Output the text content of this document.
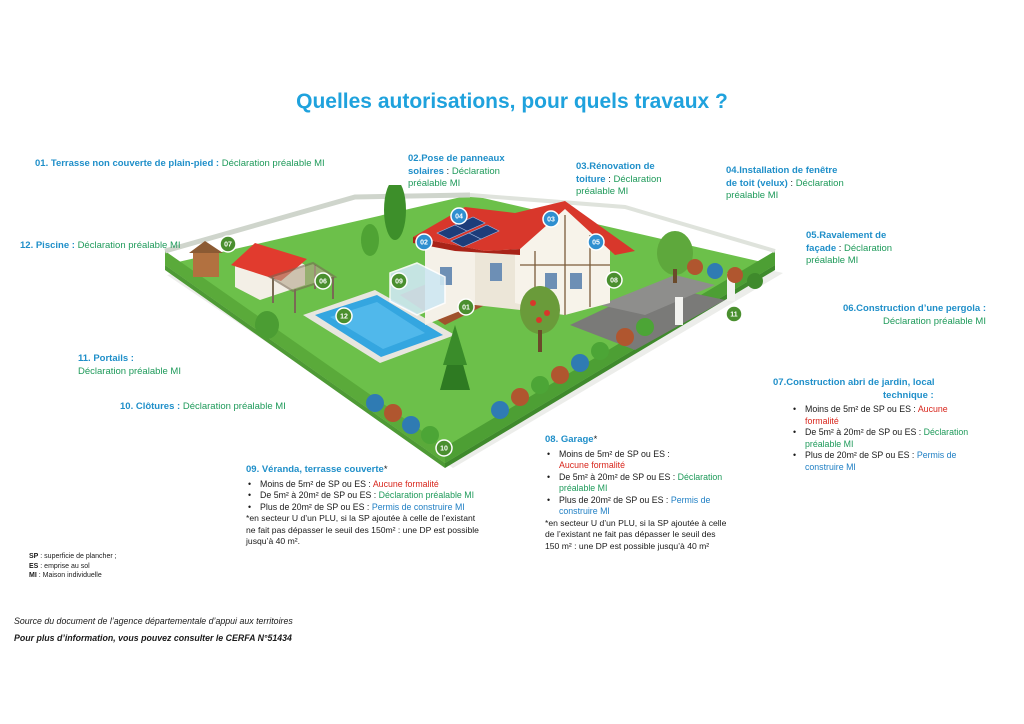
Quelles autorisations, pour quels travaux ?
01
02
03
04
05
06
07
08
09
10
11
12
01. Terrasse non couverte de plain-pied : Déclaration préalable MI	02.Pose de panneaux
solaires : Déclaration
préalable MI
03.Rénovation de
toiture : Déclaration
préalable MI
04.Installation de fenêtre
de toit (velux) : Déclaration
préalable MI
05.Ravalement de
façade : Déclaration
préalable MI
06.Construction d’une pergola :
Déclaration préalable MI
07.Construction abri de jardin, local
technique :
• Moins de 5m² de SP ou ES : Aucune
formalité
• De 5m² à 20m² de SP ou ES : Déclaration
préalable MI
• Plus de 20m² de SP ou ES : Permis de
construire MI
08. Garage*
• Moins de 5m² de SP ou ES :
Aucune formalité
• De 5m² à 20m² de SP ou ES : Déclaration
préalable MI
• Plus de 20m² de SP ou ES : Permis de
construire MI
*en secteur U d’un PLU, si la SP ajoutée à celle
de l’existant ne fait pas dépasser le seuil des
150 m² : une DP est possible jusqu’à 40 m²
09. Véranda, terrasse couverte*
• Moins de 5m² de SP ou ES : Aucune formalité
• De 5m² à 20m² de SP ou ES : Déclaration préalable MI
• Plus de 20m² de SP ou ES : Permis de construire MI
*en secteur U d’un PLU, si la SP ajoutée à celle de l’existant
ne fait pas dépasser le seuil des 150m² : une DP est possible
jusqu’à 40 m².
10. Clôtures : Déclaration préalable MI
11. Portails :
Déclaration préalable MI
12. Piscine : Déclaration préalable MI
SP : superficie de plancher ;
ES : emprise au sol
MI : Maison individuelle
Source du document de l’agence départementale d’appui aux territoires
Pour plus d’information, vous pouvez consulter le CERFA N°51434
